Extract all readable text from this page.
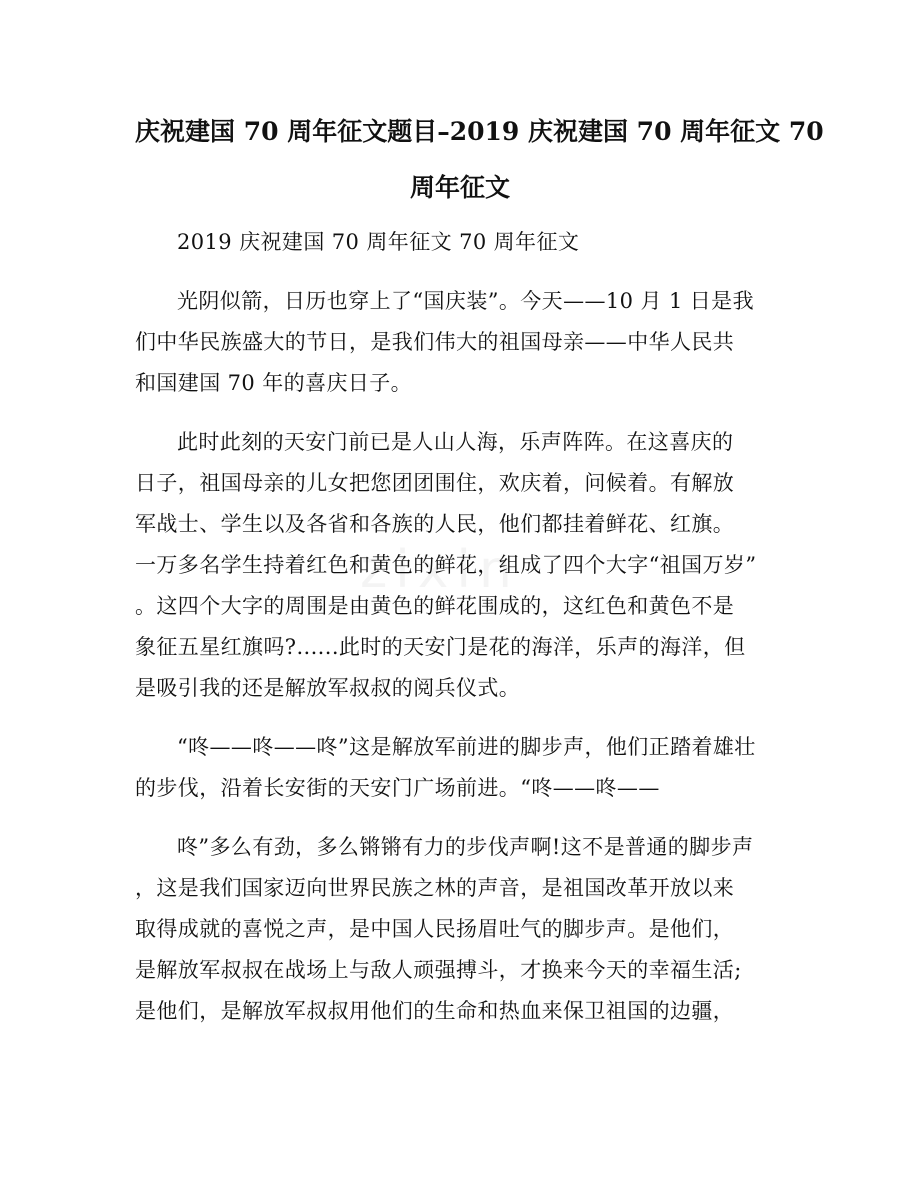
庆祝建国 70 周年征文题目–2019 庆祝建国 70 周年征文 70
周年征文

2019 庆祝建国 70 周年征文 70 周年征文

光阴似箭，日历也穿上了“国庆装”。今天——10 月 1 日是我
们中华民族盛大的节日，是我们伟大的祖国母亲——中华人民共
和国建国 70 年的喜庆日子。

此时此刻的天安门前已是人山人海，乐声阵阵。在这喜庆的
日子，祖国母亲的儿女把您团团围住，欢庆着，问候着。有解放
军战士、学生以及各省和各族的人民，他们都挂着鲜花、红旗。
一万多名学生持着红色和黄色的鲜花，组成了四个大字“祖国万岁”
。这四个大字的周围是由黄色的鲜花围成的，这红色和黄色不是
象征五星红旗吗?......此时的天安门是花的海洋，乐声的海洋，但
是吸引我的还是解放军叔叔的阅兵仪式。

“咚——咚——咚”这是解放军前进的脚步声，他们正踏着雄壮
的步伐，沿着长安街的天安门广场前进。“咚——咚——

咚”多么有劲，多么锵锵有力的步伐声啊!这不是普通的脚步声
，这是我们国家迈向世界民族之林的声音，是祖国改革开放以来
取得成就的喜悦之声，是中国人民扬眉吐气的脚步声。是他们，
是解放军叔叔在战场上与敌人顽强搏斗，才换来今天的幸福生活;
是他们，是解放军叔叔用他们的生命和热血来保卫祖国的边疆，
